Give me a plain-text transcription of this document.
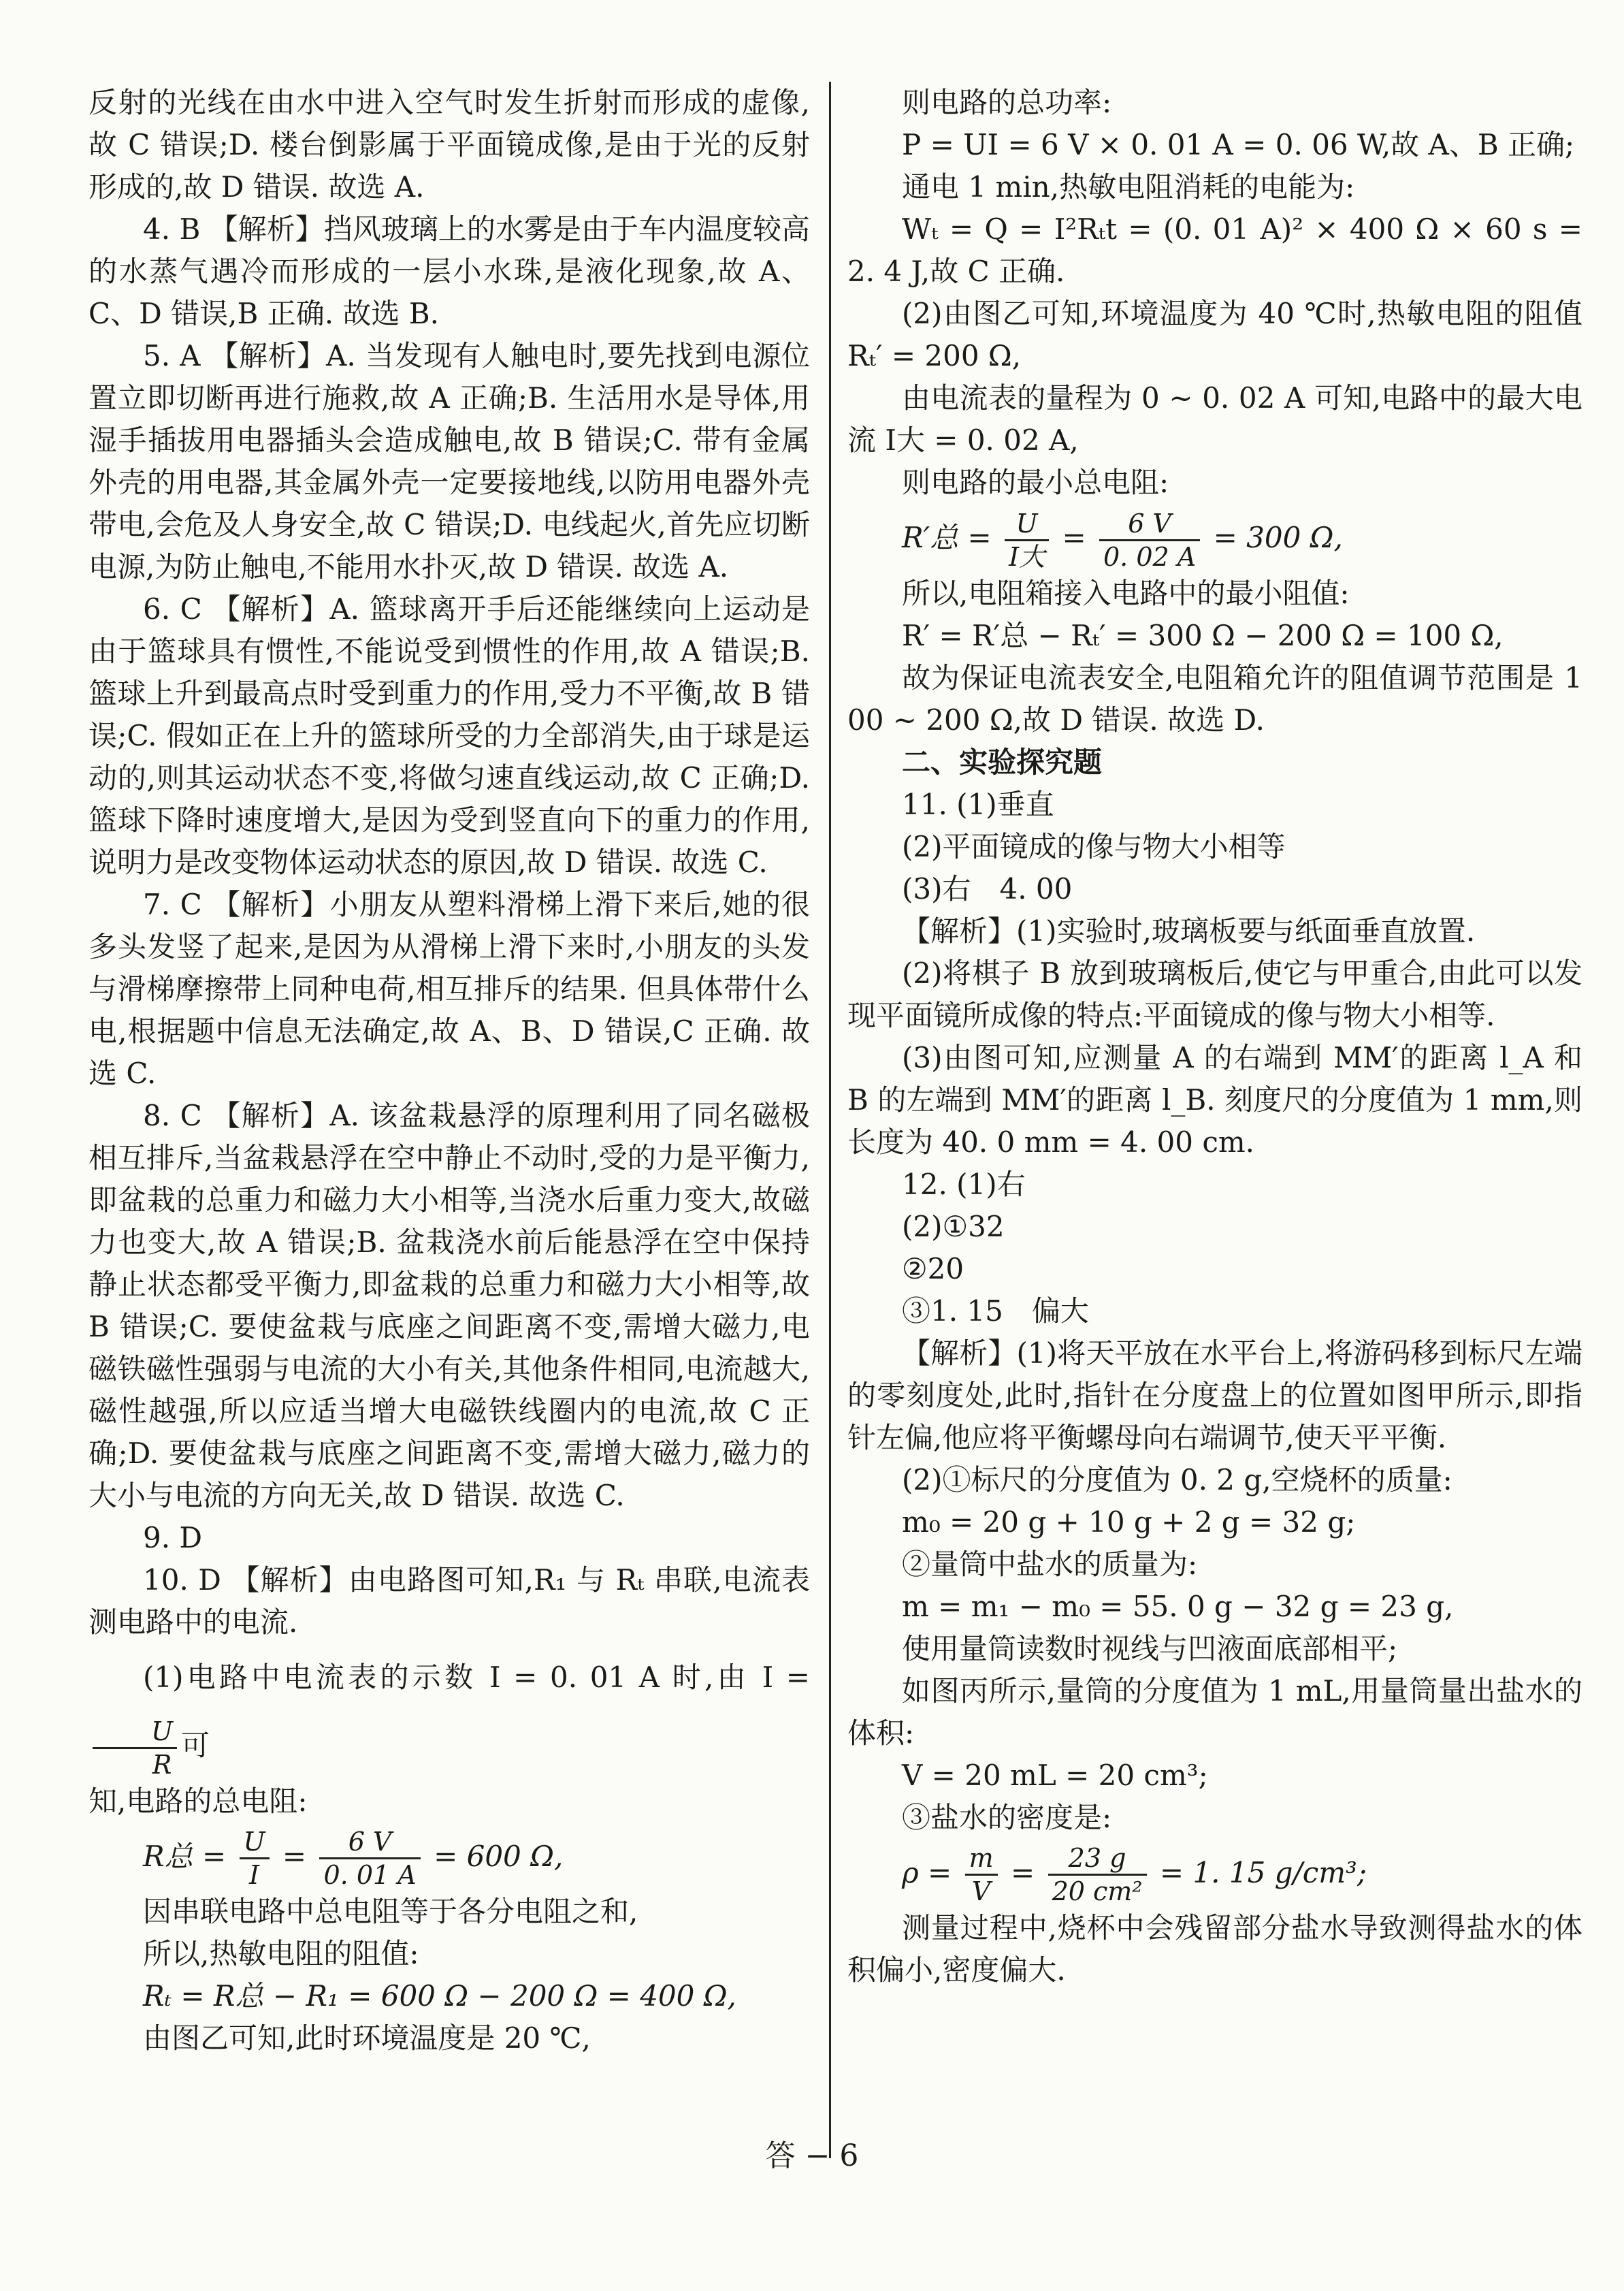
反射的光线在由水中进入空气时发生折射而形成的虚像,故 C 错误;D. 楼台倒影属于平面镜成像,是由于光的反射形成的,故 D 错误. 故选 A.

4. B 【解析】挡风玻璃上的水雾是由于车内温度较高的水蒸气遇冷而形成的一层小水珠,是液化现象,故 A、C、D 错误,B 正确. 故选 B.

5. A 【解析】A. 当发现有人触电时,要先找到电源位置立即切断再进行施救,故 A 正确;B. 生活用水是导体,用湿手插拔用电器插头会造成触电,故 B 错误;C. 带有金属外壳的用电器,其金属外壳一定要接地线,以防用电器外壳带电,会危及人身安全,故 C 错误;D. 电线起火,首先应切断电源,为防止触电,不能用水扑灭,故 D 错误. 故选 A.

6. C 【解析】A. 篮球离开手后还能继续向上运动是由于篮球具有惯性,不能说受到惯性的作用,故 A 错误;B. 篮球上升到最高点时受到重力的作用,受力不平衡,故 B 错误;C. 假如正在上升的篮球所受的力全部消失,由于球是运动的,则其运动状态不变,将做匀速直线运动,故 C 正确;D. 篮球下降时速度增大,是因为受到竖直向下的重力的作用,说明力是改变物体运动状态的原因,故 D 错误. 故选 C.

7. C 【解析】小朋友从塑料滑梯上滑下来后,她的很多头发竖了起来,是因为从滑梯上滑下来时,小朋友的头发与滑梯摩擦带上同种电荷,相互排斥的结果. 但具体带什么电,根据题中信息无法确定,故 A、B、D 错误,C 正确. 故选 C.

8. C 【解析】A. 该盆栽悬浮的原理利用了同名磁极相互排斥,当盆栽悬浮在空中静止不动时,受的力是平衡力,即盆栽的总重力和磁力大小相等,当浇水后重力变大,故磁力也变大,故 A 错误;B. 盆栽浇水前后能悬浮在空中保持静止状态都受平衡力,即盆栽的总重力和磁力大小相等,故 B 错误;C. 要使盆栽与底座之间距离不变,需增大磁力,电磁铁磁性强弱与电流的大小有关,其他条件相同,电流越大,磁性越强,所以应适当增大电磁铁线圈内的电流,故 C 正确;D. 要使盆栽与底座之间距离不变,需增大磁力,磁力的大小与电流的方向无关,故 D 错误. 故选 C.

9. D

10. D 【解析】由电路图可知,R₁ 与 Rₜ 串联,电流表测电路中的电流.

(1)电路中电流表的示数 I = 0. 01 A 时,由 I =
$\frac{U}{R}$ 可

知,电路的总电阻:

R总 = $\frac{U}{I} = \frac{6 V}{0. 01 A} = 600$ Ω,

因串联电路中总电阻等于各分电阻之和,

所以,热敏电阻的阻值:

Rₜ = R总 − R₁ = 600 Ω − 200 Ω = 400 Ω,

由图乙可知,此时环境温度是 20 ℃,

则电路的总功率:

P = UI = 6 V × 0. 01 A = 0. 06 W,故 A、B 正确;

通电 1 min,热敏电阻消耗的电能为:

Wₜ = Q = I²Rₜt = (0. 01 A)² × 400 Ω × 60 s = 2. 4 J,故 C 正确.

(2)由图乙可知,环境温度为 40 ℃时,热敏电阻的阻值 Rₜ′ = 200 Ω,

由电流表的量程为 0 ~ 0. 02 A 可知,电路中的最大电流 I大 = 0. 02 A,

则电路的最小总电阻:

R′总 = $\frac{U}{\text{I大}} = \frac{6 V}{0. 02 A} = 300$ Ω,

所以,电阻箱接入电路中的最小阻值:

R′ = R′总 − Rₜ′ = 300 Ω − 200 Ω = 100 Ω,

故为保证电流表安全,电阻箱允许的阻值调节范围是 100 ~ 200 Ω,故 D 错误. 故选 D.

二、实验探究题

11. (1)垂直

(2)平面镜成的像与物大小相等

(3)右　4. 00

【解析】(1)实验时,玻璃板要与纸面垂直放置.

(2)将棋子 B 放到玻璃板后,使它与甲重合,由此可以发现平面镜所成像的特点:平面镜成的像与物大小相等.

(3)由图可知,应测量 A 的右端到 MM′的距离 l_A 和 B 的左端到 MM′的距离 l_B. 刻度尺的分度值为 1 mm,则长度为 40. 0 mm = 4. 00 cm.

12. (1)右

(2)①32

②20

③1. 15　偏大

【解析】(1)将天平放在水平台上,将游码移到标尺左端的零刻度处,此时,指针在分度盘上的位置如图甲所示,即指针左偏,他应将平衡螺母向右端调节,使天平平衡.

(2)①标尺的分度值为 0. 2 g,空烧杯的质量:

m₀ = 20 g + 10 g + 2 g = 32 g;

②量筒中盐水的质量为:

m = m₁ − m₀ = 55. 0 g − 32 g = 23 g,

使用量筒读数时视线与凹液面底部相平;

如图丙所示,量筒的分度值为 1 mL,用量筒量出盐水的体积:

V = 20 mL = 20 cm³;

③盐水的密度是:

$\rho = \frac{m}{V} = \frac{23 g}{\text{20 cm²}} = 1$. 15 g/cm³;

测量过程中,烧杯中会残留部分盐水导致测得盐水的体积偏小,密度偏大.

答 − 6
